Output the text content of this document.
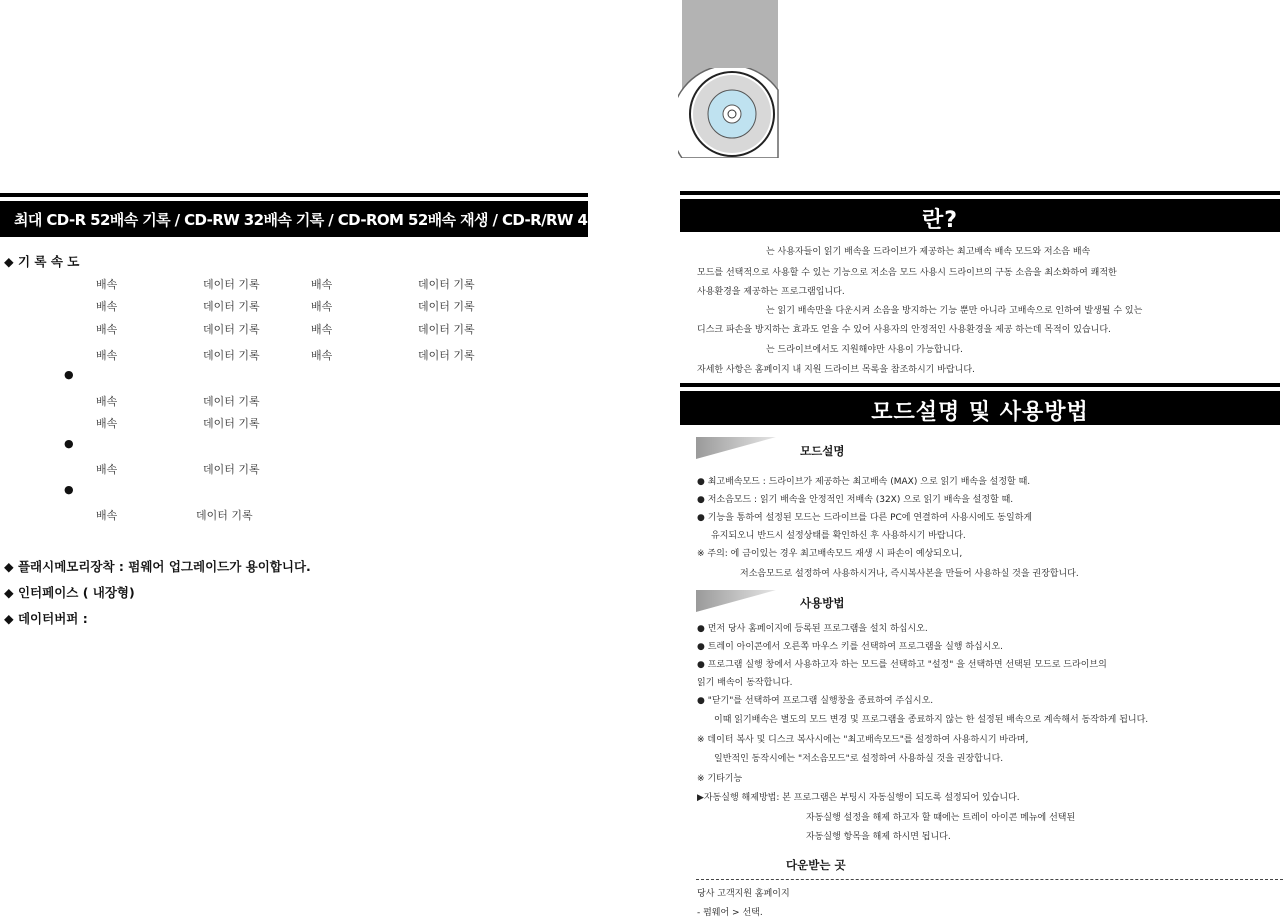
최대 CD-R 52배속 기록 / CD-RW 32배속 기록 / CD-ROM 52배속 재생 / CD-R/RW 40배속 재생
◆ 기 록 속 도
배속	데이터 기록	배속	데이터 기록
배속	데이터 기록	배속	데이터 기록
배속	데이터 기록	배속	데이터 기록
배속	데이터 기록	배속	데이터 기록
●
배속	데이터 기록
배속	데이터 기록
●
배속	데이터 기록
●
배속	데이터 기록
◆ 플래시메모리장착 : 펌웨어 업그레이드가 용이합니다.
◆ 인터페이스 ( 내장형)
◆ 데이터버퍼 :
란?
는 사용자들이 읽기 배속을 드라이브가 제공하는 최고배속 배속 모드와 저소음 배속
모드를 선택적으로 사용할 수 있는 기능으로 저소음 모드 사용시 드라이브의 구동 소음을 최소화하여 쾌적한
사용환경을 제공하는 프로그램입니다.
는 읽기 배속만을 다운시켜 소음을 방지하는 기능 뿐만 아니라 고배속으로 인하여 발생될 수 있는
디스크 파손을 방지하는 효과도 얻을 수 있어 사용자의 안정적인 사용환경을 제공 하는데 목적이 있습니다.
는 드라이브에서도 지원해야만 사용이 가능합니다.
자세한 사항은 홈페이지 내 지원 드라이브 목록을 참조하시기 바랍니다.
모드설명 및 사용방법
모드설명
● 최고배속모드 : 드라이브가 제공하는 최고배속 (MAX) 으로 읽기 배속을 설정할 때.
● 저소음모드 : 읽기 배속을 안정적인 저배속 (32X) 으로 읽기 배속을 설정할 때.
● 기능을 통하여 설정된 모드는 드라이브를 다른 PC에 연결하여 사용시에도 동일하게
유지되오니 반드시 설정상태를 확인하신 후 사용하시기 바랍니다.
※ 주의: 에 금이있는 경우 최고배속모드 재생 시 파손이 예상되오니,
저소음모드로 설정하여 사용하시거나, 즉시복사본을 만들어 사용하실 것을 권장합니다.
사용방법
● 먼저 당사 홈페이지에 등록된 프로그램을 설치 하십시오.
● 트레이 아이콘에서 오른쪽 마우스 키를 선택하여 프로그램을 실행 하십시오.
● 프로그램 실행 창에서 사용하고자 하는 모드를 선택하고 "설정" 을 선택하면 선택된 모드로 드라이브의
읽기 배속이 동작합니다.
● "닫기"를 선택하여 프로그램 실행창을 종료하여 주십시오.
이때 읽기배속은 별도의 모드 변경 및 프로그램을 종료하지 않는 한 설정된 배속으로 계속해서 동작하게 됩니다.
※ 데이터 복사 및 디스크 복사시에는 "최고배속모드"를 설정하여 사용하시기 바라며,
일반적인 동작시에는 "저소음모드"로 설정하여 사용하실 것을 권장합니다.
※ 기타기능
▶자동실행 해제방법: 본 프로그램은 부팅시 자동실행이 되도록 설정되어 있습니다.
자동실행 설정을 해제 하고자 할 때에는 트레이 아이콘 메뉴에 선택된
자동실행 항목을 해제 하시면 됩니다.
다운받는 곳
당사 고객지원 홈페이지
- 펌웨어 > 선택.
